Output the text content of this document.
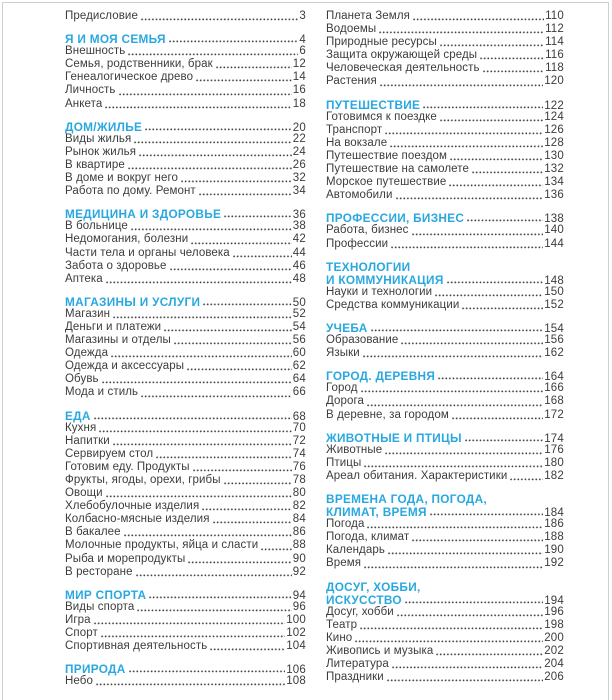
Предисловие	3
Я И МОЯ СЕМЬЯ	4
Внешность	6
Семья, родственники, брак	12
Генеалогическое древо	14
Личность	16
Анкета	18
ДОМ/ЖИЛЬЕ	20
Виды жилья	22
Рынок жилья	24
В квартире	26
В доме и вокруг него	32
Работа по дому. Ремонт	34
МЕДИЦИНА И ЗДОРОВЬЕ	36
В больнице	38
Недомогания, болезни	42
Части тела и органы человека	44
Забота о здоровье	46
Аптека	48
МАГАЗИНЫ И УСЛУГИ	50
Магазин	52
Деньги и платежи	54
Магазины и отделы	56
Одежда	60
Одежда и аксессуары	62
Обувь	64
Мода и стиль	66
ЕДА	68
Кухня	70
Напитки	72
Сервируем стол	74
Готовим еду. Продукты	76
Фрукты, ягоды, орехи, грибы	78
Овощи	80
Хлебобулочные изделия	82
Колбасно-мясные изделия	84
В бакалее	86
Молочные продукты, яйца и сласти	88
Рыба и морепродукты	90
В ресторане	92
МИР СПОРТА	94
Виды спорта	96
Игра	100
Спорт	102
Спортивная деятельность	104
ПРИРОДА	106
Небо	108
Планета Земля	110
Водоемы	112
Природные ресурсы	114
Защита окружающей среды	116
Человеческая деятельность	118
Растения	120
ПУТЕШЕСТВИЕ	122
Готовимся к поездке	124
Транспорт	126
На вокзале	128
Путешествие поездом	130
Путешествие на самолете	132
Морское путешествие	134
Автомобили	136
ПРОФЕССИИ, БИЗНЕС	138
Работа, бизнес	140
Профессии	144
ТЕХНОЛОГИИ
И КОММУНИКАЦИЯ	148
Науки и технологии	150
Средства коммуникации	152
УЧЕБА	154
Образование	156
Языки	162
ГОРОД. ДЕРЕВНЯ	164
Город	166
Дорога	168
В деревне, за городом	172
ЖИВОТНЫЕ И ПТИЦЫ	174
Животные	176
Птицы	180
Ареал обитания. Характеристики	182
ВРЕМЕНА ГОДА, ПОГОДА,
КЛИМАТ, ВРЕМЯ	184
Погода	186
Погода, климат	188
Календарь	190
Время	192
ДОСУГ, ХОББИ,
ИСКУССТВО	194
Досуг, хобби	196
Театр	198
Кино	200
Живопись и музыка	202
Литература	204
Праздники	206
